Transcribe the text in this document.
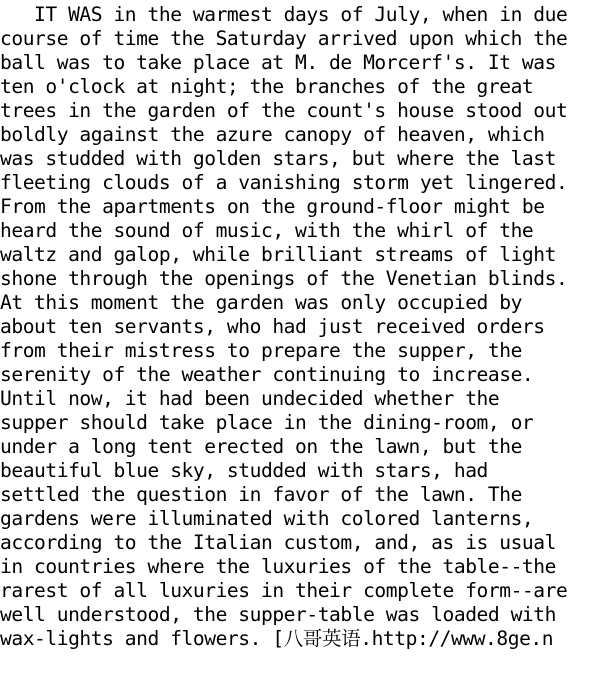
IT WAS in the warmest days of July, when in due
course of time the Saturday arrived upon which the
ball was to take place at M. de Morcerf's. It was
ten o'clock at night; the branches of the great
trees in the garden of the count's house stood out
boldly against the azure canopy of heaven, which
was studded with golden stars, but where the last
fleeting clouds of a vanishing storm yet lingered.
From the apartments on the ground-floor might be
heard the sound of music, with the whirl of the
waltz and galop, while brilliant streams of light
shone through the openings of the Venetian blinds.
At this moment the garden was only occupied by
about ten servants, who had just received orders
from their mistress to prepare the supper, the
serenity of the weather continuing to increase.
Until now, it had been undecided whether the
supper should take place in the dining-room, or
under a long tent erected on the lawn, but the
beautiful blue sky, studded with stars, had
settled the question in favor of the lawn. The
gardens were illuminated with colored lanterns,
according to the Italian custom, and, as is usual
in countries where the luxuries of the table--the
rarest of all luxuries in their complete form--are
well understood, the supper-table was loaded with
wax-lights and flowers. [八哥英语.http://www.8ge.n
